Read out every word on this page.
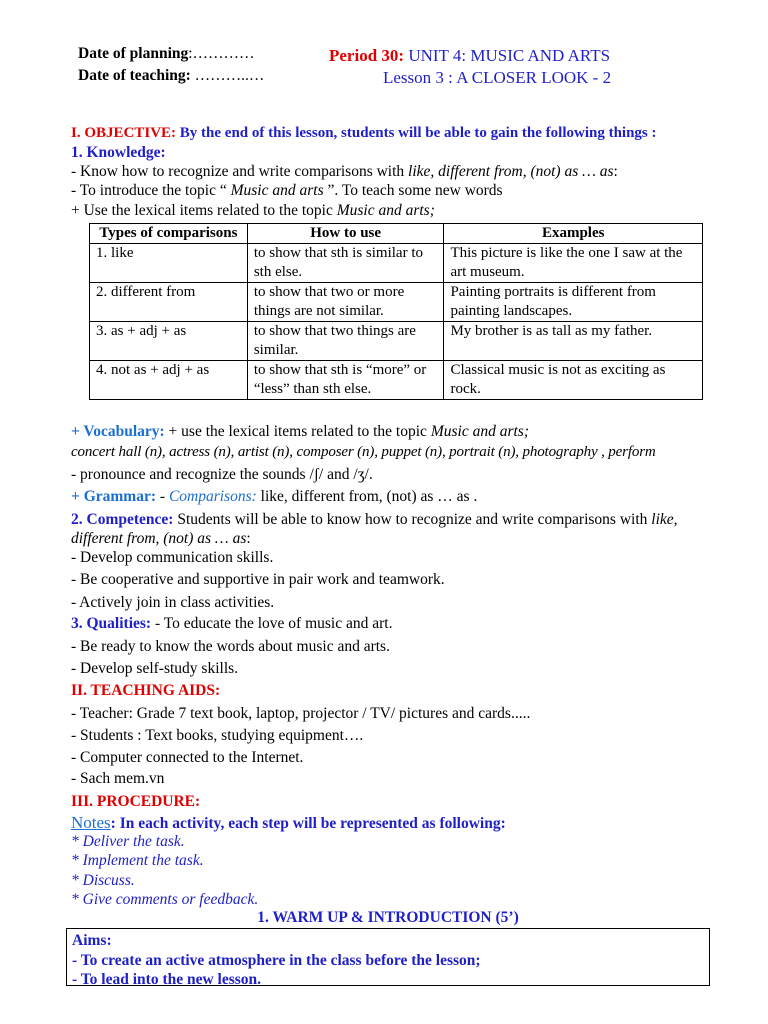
Date of planning:…………
Date of teaching: ………..…
Period 30: UNIT 4: MUSIC AND ARTS
Lesson 3 : A CLOSER LOOK - 2
I. OBJECTIVE: By the end of this lesson, students will be able to gain the following things :
1. Knowledge:
- Know how to recognize and write comparisons with like, different from, (not) as … as:
- To introduce the topic “ Music and arts ”. To teach some new words
+ Use the lexical items related to the topic Music and arts;
Types of comparisons	How to use	Examples
1. like	to show that sth is similar to sth else.	This picture is like the one I saw at the art museum.
2. different from	to show that two or more things are not similar.	Painting portraits is different from painting landscapes.
3. as + adj + as	to show that two things are similar.	My brother is as tall as my father.
4. not as + adj + as	to show that sth is “more” or “less” than sth else.	Classical music is not as exciting as rock.
+ Vocabulary: + use the lexical items related to the topic Music and arts;
concert hall (n), actress (n), artist (n), composer (n), puppet (n), portrait (n), photography , perform
- pronounce and recognize the sounds /ʃ/ and /ʒ/.
+ Grammar: - Comparisons: like, different from, (not) as … as .
2. Competence: Students will be able to know how to recognize and write comparisons with like,
different from, (not) as … as:
- Develop communication skills.
- Be cooperative and supportive in pair work and teamwork.
- Actively join in class activities.
3. Qualities: - To educate the love of music and art.
- Be ready to know the words about music and arts.
- Develop self-study skills.
II. TEACHING AIDS:
- Teacher: Grade 7 text book, laptop, projector / TV/ pictures and cards.....
- Students : Text books, studying equipment….
- Computer connected to the Internet.
- Sach mem.vn
III. PROCEDURE:
Notes: In each activity, each step will be represented as following:
* Deliver the task.
* Implement the task.
* Discuss.
* Give comments or feedback.
1. WARM UP & INTRODUCTION (5’)
Aims:
- To create an active atmosphere in the class before the lesson;
- To lead into the new lesson.
